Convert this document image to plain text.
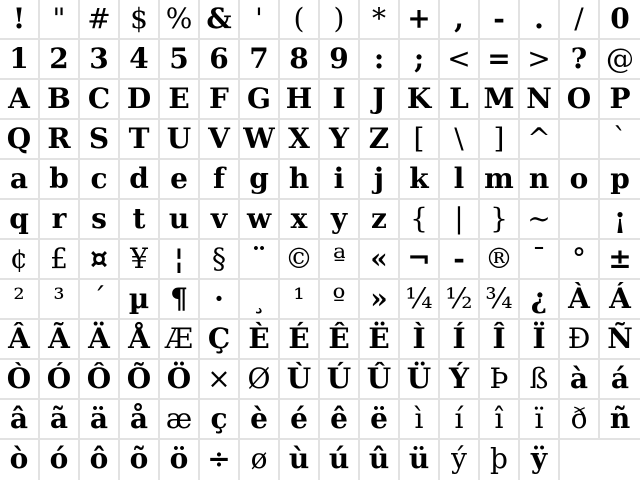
! " # $ % & '	(	) * + ,	-	.	/ 0
1 2 3 4 5 6 7 8 9 :	; < = > ? @
A B C D E F G H I J K L M N O P
Q R S T U V W X Y Z [	\	] ^	`
a b c d e f g h i	j k l m n o p
q r s t u v w x y z { | } ~	¡
¢ £ ¤ ¥ ¦ § ¨ © ª « ¬ - ® ¯ ° ±
²	³ ´ µ ¶ ·	¸ ¹ º » ¼ ½ ¾ ¿ À Á
Â Ã Ä Å Æ Ç È É Ê Ë Ì Í Î Ï Ð Ñ
Ò Ó Ô Õ Ö × Ø Ù Ú Û Ü Ý Þ ß à á
â ã ä å æ ç è é ê ë ì	í	î	ï ð ñ
ò ó ô õ ö ÷ ø ù ú û ü ý þ ÿ
